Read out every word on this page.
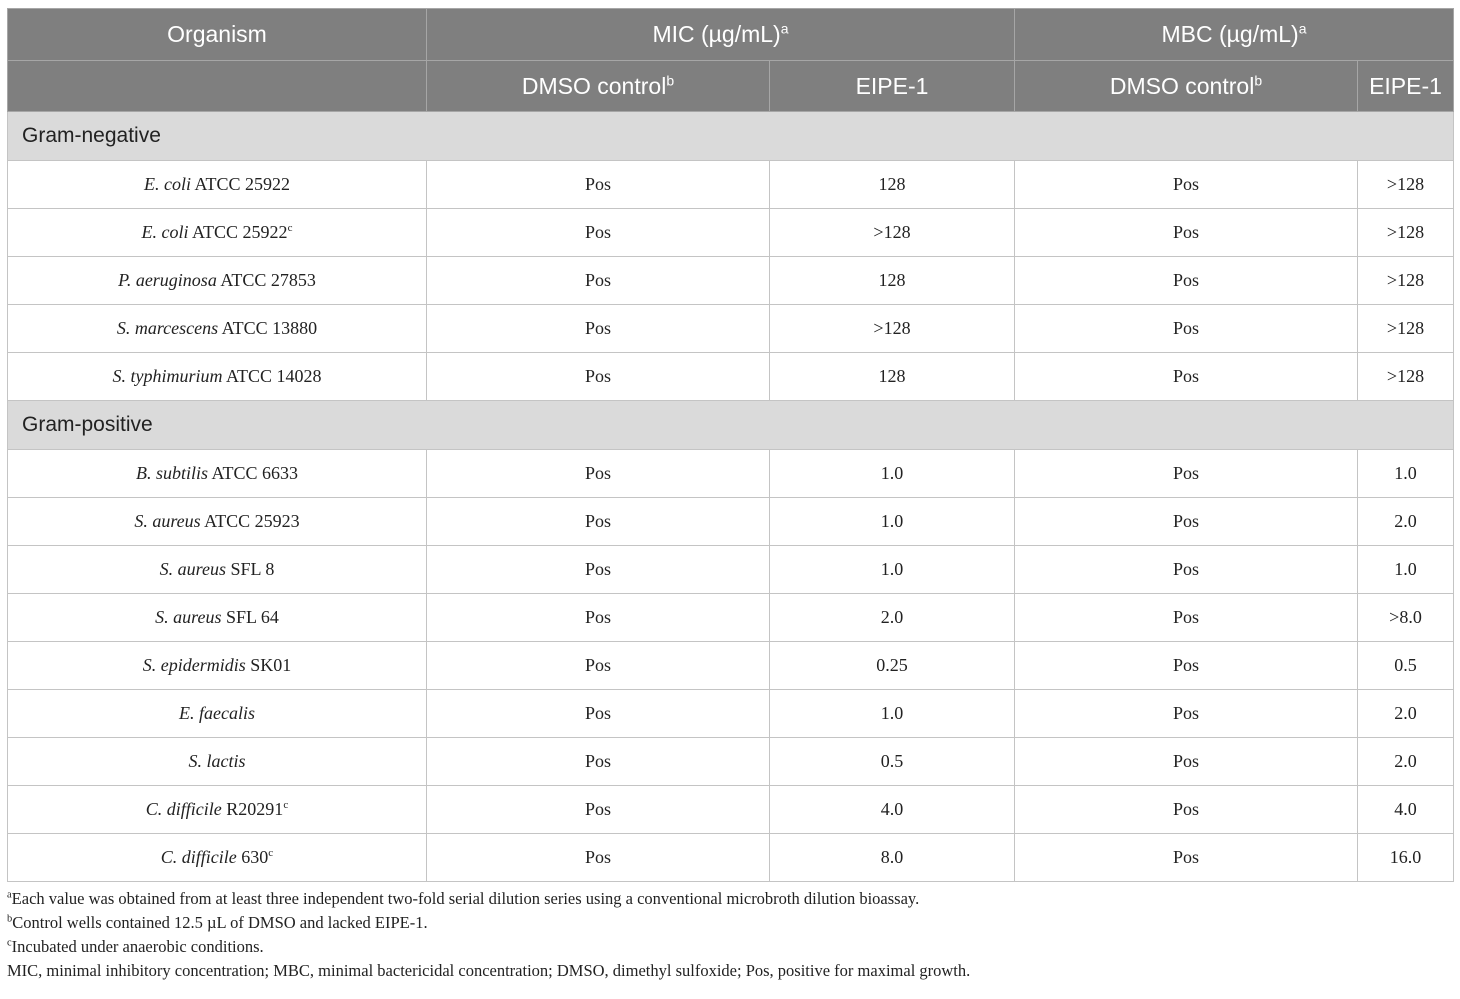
Organism	MIC $(\mu g/mL)^a$		MBC $(\mu g/mL)^a$
	DMSO control$^b$	EIPE-1	DMSO control$^b$	EIPE-1
Gram-negative				
E. coli ATCC 25922	Pos	128	Pos	>128
E. coli ATCC 25922$^c$	Pos	>128	Pos	>128
P. aeruginosa ATCC 27853	Pos	128	Pos	>128
S. marcescens ATCC 13880	Pos	>128	Pos	>128
S. typhimurium ATCC 14028	Pos	128	Pos	>128
Gram-positive				
B. subtilis ATCC 6633	Pos	1.0	Pos	1.0
S. aureus ATCC 25923	Pos	1.0	Pos	2.0
S. aureus SFL 8	Pos	1.0	Pos	1.0
S. aureus SFL 64	Pos	2.0	Pos	>8.0
S. epidermidis SK01	Pos	0.25	Pos	0.5
E. faecalis	Pos	1.0	Pos	2.0
S. lactis	Pos	0.5	Pos	2.0
C. difficile R20291$^c$	Pos	4.0	Pos	4.0
C. difficile 630$^c$	Pos	8.0	Pos	16.0

$^a$Each value was obtained from at least three independent two-fold serial dilution series using a conventional microbroth dilution bioassay.

$^b$Control wells contained 12.5 µL of DMSO and lacked EIPE-1.

$^c$Incubated under anaerobic conditions.

MIC, minimal inhibitory concentration; MBC, minimal bactericidal concentration; DMSO, dimethyl sulfoxide; Pos, positive for maximal growth.
